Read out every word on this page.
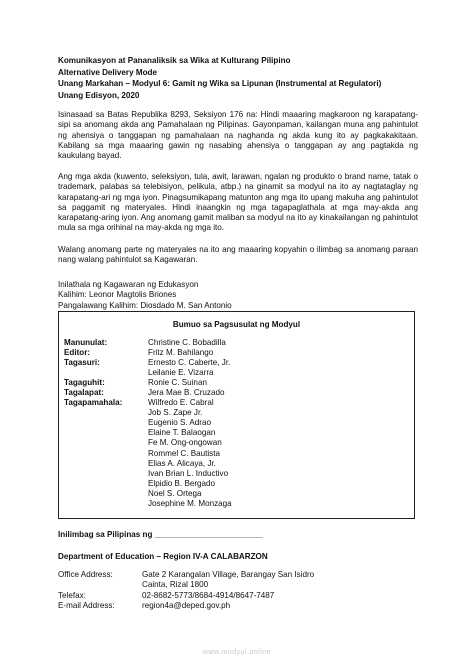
Komunikasyon at Pananaliksik sa Wika at Kulturang Pilipino
Alternative Delivery Mode
Unang Markahan – Modyul 6: Gamit ng Wika sa Lipunan (Instrumental at Regulatori)
Unang Edisyon, 2020
Isinasaad sa Batas Republika 8293, Seksiyon 176 na: Hindi maaaring magkaroon ng karapatang-sipi sa anomang akda ang Pamahalaan ng Pilipinas. Gayonpaman, kailangan muna ang pahintulot ng ahensiya o tanggapan ng pamahalaan na naghanda ng akda kung ito ay pagkakakitaan. Kabilang sa mga maaaring gawin ng nasabing ahensiya o tanggapan ay ang pagtakda ng kaukulang bayad.
Ang mga akda (kuwento, seleksiyon, tula, awit, larawan, ngalan ng produkto o brand name, tatak o trademark, palabas sa telebisiyon, pelikula, atbp.) na ginamit sa modyul na ito ay nagtataglay ng karapatang-ari ng mga iyon. Pinagsumikapang matunton ang mga ito upang makuha ang pahintulot sa paggamit ng materyales. Hindi inaangkin ng mga tagapaglathala at mga may-akda ang karapatang-aring iyon. Ang anomang gamit maliban sa modyul na ito ay kinakailangan ng pahintulot mula sa mga orihinal na may-akda ng mga ito.
Walang anomang parte ng materyales na ito ang maaaring kopyahin o ilimbag sa anomang paraan nang walang pahintulot sa Kagawaran.
Inilathala ng Kagawaran ng Edukasyon
Kalihim: Leonor Magtolis Briones
Pangalawang Kalihim: Diosdado M. San Antonio
Bumuo sa Pagsusulat ng Modyul
Manunulat:	Christine C. Bobadilla
Editor:	Fritz M. Bahilango
Tagasuri:	Ernesto C. Caberte, Jr.
Leilanie E. Vizarra
Tagaguhit:	Ronie C. Suinan
Tagalapat:	Jera Mae B. Cruzado
Tagapamahala:	Wilfredo E. Cabral
Job S. Zape Jr.
Eugenio S. Adrao
Elaine T. Balaogan
Fe M. Ong-ongowan
Rommel C. Bautista
Elias A. Alicaya, Jr.
Ivan Brian L. Inductivo
Elpidio B. Bergado
Noel S. Ortega
Josephine M. Monzaga
Inilimbag sa Pilipinas ng ________________________
Department of Education – Region IV-A CALABARZON
Office Address:	Gate 2 Karangalan Village, Barangay San Isidro
Cainta, Rizal 1800
Telefax:	02-8682-5773/8684-4914/8647-7487
E-mail Address:	region4a@deped.gov.ph
www.modyul.online
